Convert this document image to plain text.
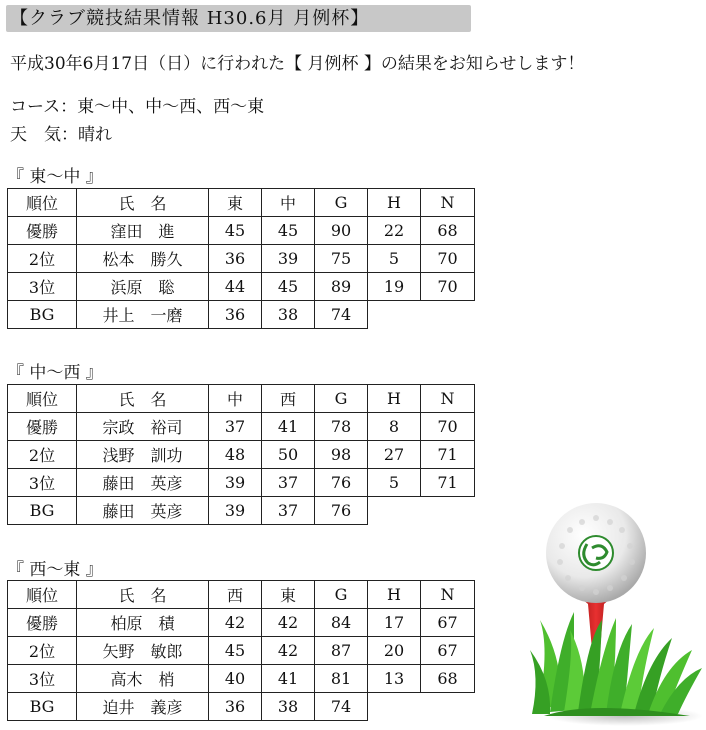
【クラブ競技結果情報 H30.6月 月例杯】
平成30年6月17日（日）に行われた【 月例杯 】の結果をお知らせします！
コース：東～中、中～西、西～東
天　気：晴れ
『 東～中 』
順位	氏　名	東	中	G	H	N
優勝	窪田　進	45	45	90	22	68
2位	松本　勝久	36	39	75	5	70
3位	浜原　聡	44	45	89	19	70
BG	井上　一磨	36	38	74		
『 中～西 』
順位	氏　名	中	西	G	H	N
優勝	宗政　裕司	37	41	78	8	70
2位	浅野　訓功	48	50	98	27	71
3位	藤田　英彦	39	37	76	5	71
BG	藤田　英彦	39	37	76		
『 西～東 』
順位	氏　名	西	東	G	H	N
優勝	柏原　積	42	42	84	17	67
2位	矢野　敏郎	45	42	87	20	67
3位	高木　梢	40	41	81	13	68
BG	迫井　義彦	36	38	74		
